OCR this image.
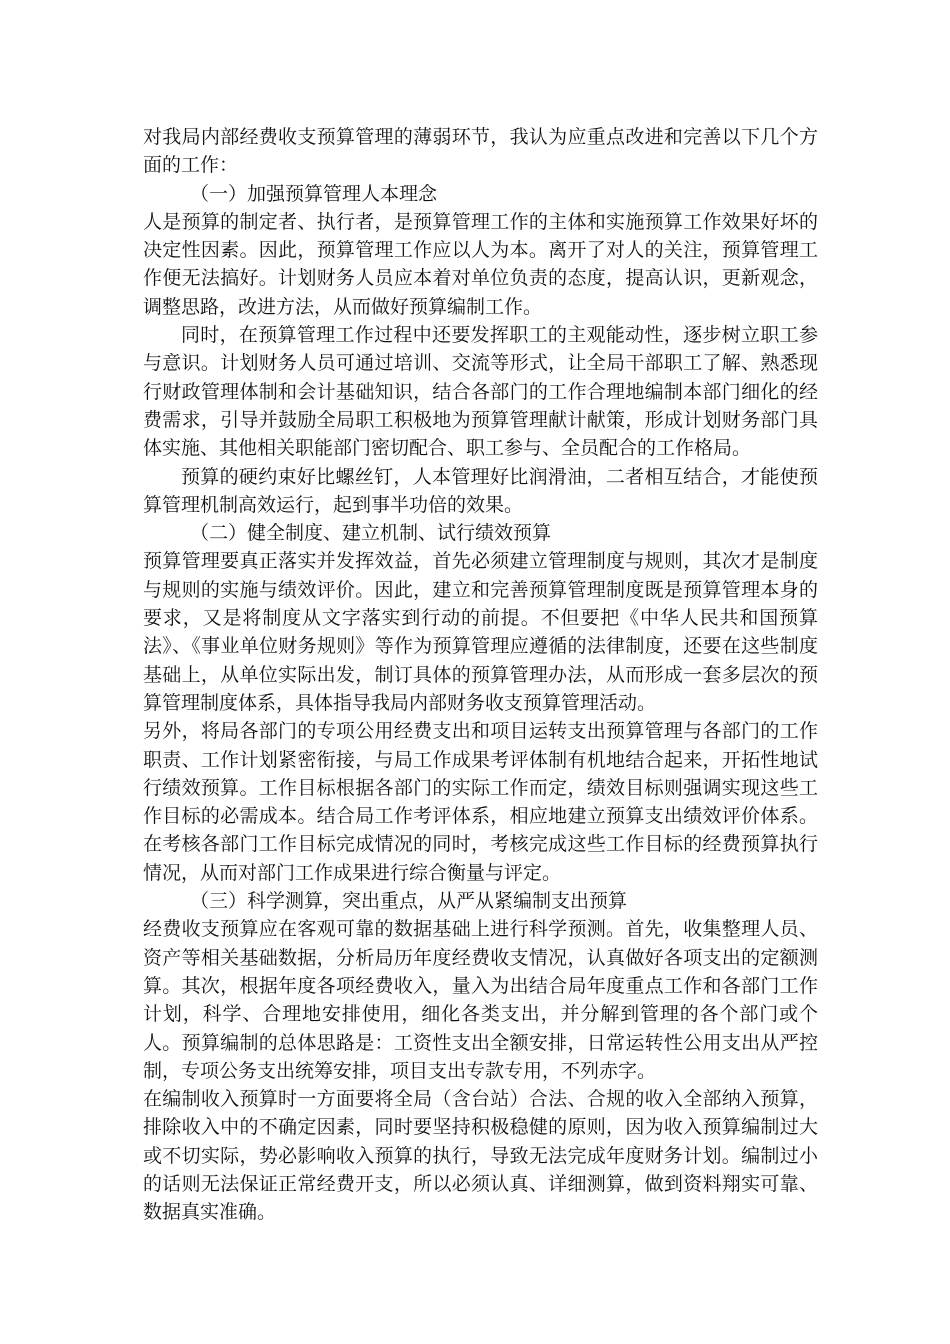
对我局内部经费收支预算管理的薄弱环节，我认为应重点改进和完善以下几个方面的工作：

（一）加强预算管理人本理念

人是预算的制定者、执行者，是预算管理工作的主体和实施预算工作效果好坏的决定性因素。因此，预算管理工作应以人为本。离开了对人的关注，预算管理工作便无法搞好。计划财务人员应本着对单位负责的态度，提高认识，更新观念，调整思路，改进方法，从而做好预算编制工作。

同时，在预算管理工作过程中还要发挥职工的主观能动性，逐步树立职工参与意识。计划财务人员可通过培训、交流等形式，让全局干部职工了解、熟悉现行财政管理体制和会计基础知识，结合各部门的工作合理地编制本部门细化的经费需求，引导并鼓励全局职工积极地为预算管理献计献策，形成计划财务部门具体实施、其他相关职能部门密切配合、职工参与、全员配合的工作格局。

预算的硬约束好比螺丝钉，人本管理好比润滑油，二者相互结合，才能使预算管理机制高效运行，起到事半功倍的效果。

（二）健全制度、建立机制、试行绩效预算

预算管理要真正落实并发挥效益，首先必须建立管理制度与规则，其次才是制度与规则的实施与绩效评价。因此，建立和完善预算管理制度既是预算管理本身的要求，又是将制度从文字落实到行动的前提。不但要把《中华人民共和国预算法》、《事业单位财务规则》等作为预算管理应遵循的法律制度，还要在这些制度基础上，从单位实际出发，制订具体的预算管理办法，从而形成一套多层次的预算管理制度体系，具体指导我局内部财务收支预算管理活动。

另外，将局各部门的专项公用经费支出和项目运转支出预算管理与各部门的工作职责、工作计划紧密衔接，与局工作成果考评体制有机地结合起来，开拓性地试行绩效预算。工作目标根据各部门的实际工作而定，绩效目标则强调实现这些工作目标的必需成本。结合局工作考评体系，相应地建立预算支出绩效评价体系。在考核各部门工作目标完成情况的同时，考核完成这些工作目标的经费预算执行情况，从而对部门工作成果进行综合衡量与评定。

（三）科学测算，突出重点，从严从紧编制支出预算

经费收支预算应在客观可靠的数据基础上进行科学预测。首先，收集整理人员、资产等相关基础数据，分析局历年度经费收支情况，认真做好各项支出的定额测算。其次，根据年度各项经费收入，量入为出结合局年度重点工作和各部门工作计划，科学、合理地安排使用，细化各类支出，并分解到管理的各个部门或个人。预算编制的总体思路是：工资性支出全额安排，日常运转性公用支出从严控制，专项公务支出统筹安排，项目支出专款专用，不列赤字。

在编制收入预算时一方面要将全局（含台站）合法、合规的收入全部纳入预算，排除收入中的不确定因素，同时要坚持积极稳健的原则，因为收入预算编制过大或不切实际，势必影响收入预算的执行，导致无法完成年度财务计划。编制过小的话则无法保证正常经费开支，所以必须认真、详细测算，做到资料翔实可靠、数据真实准确。
